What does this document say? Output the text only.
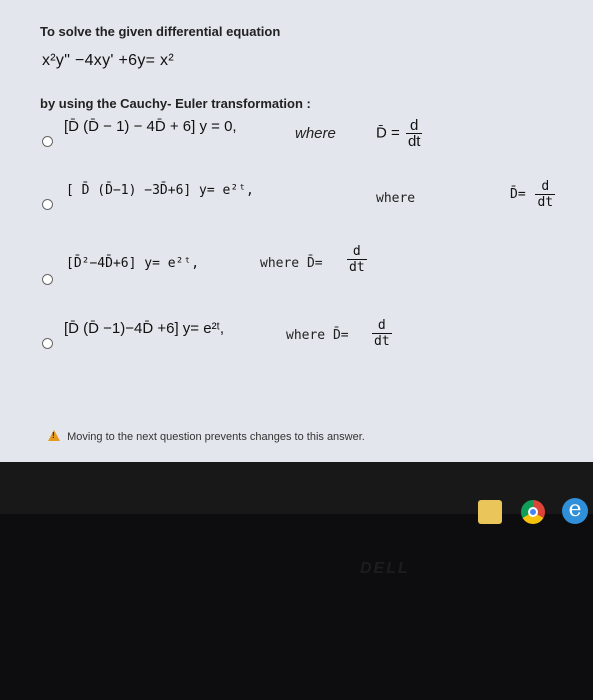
To solve the given differential equation
x²y" −4xy' +6y= x²
by using the Cauchy- Euler transformation :
[D̄ (D̄ − 1) − 4D̄ + 6] y = 0,	where	D̄ = $\frac{d}{dt}$
[ D̄ (D̄−1) −3D̄+6] y= e²ᵗ,
where	D̄= $\frac{d}{dt}$
[D̄²−4D̄+6] y= e²ᵗ,	where D̄= $\frac{d}{dt}$
[D̄ (D̄ −1)−4D̄ +6] y= e²ᵗ,	where D̄= $\frac{d}{dt}$
! Moving to the next question prevents changes to this answer.
DELL
e
